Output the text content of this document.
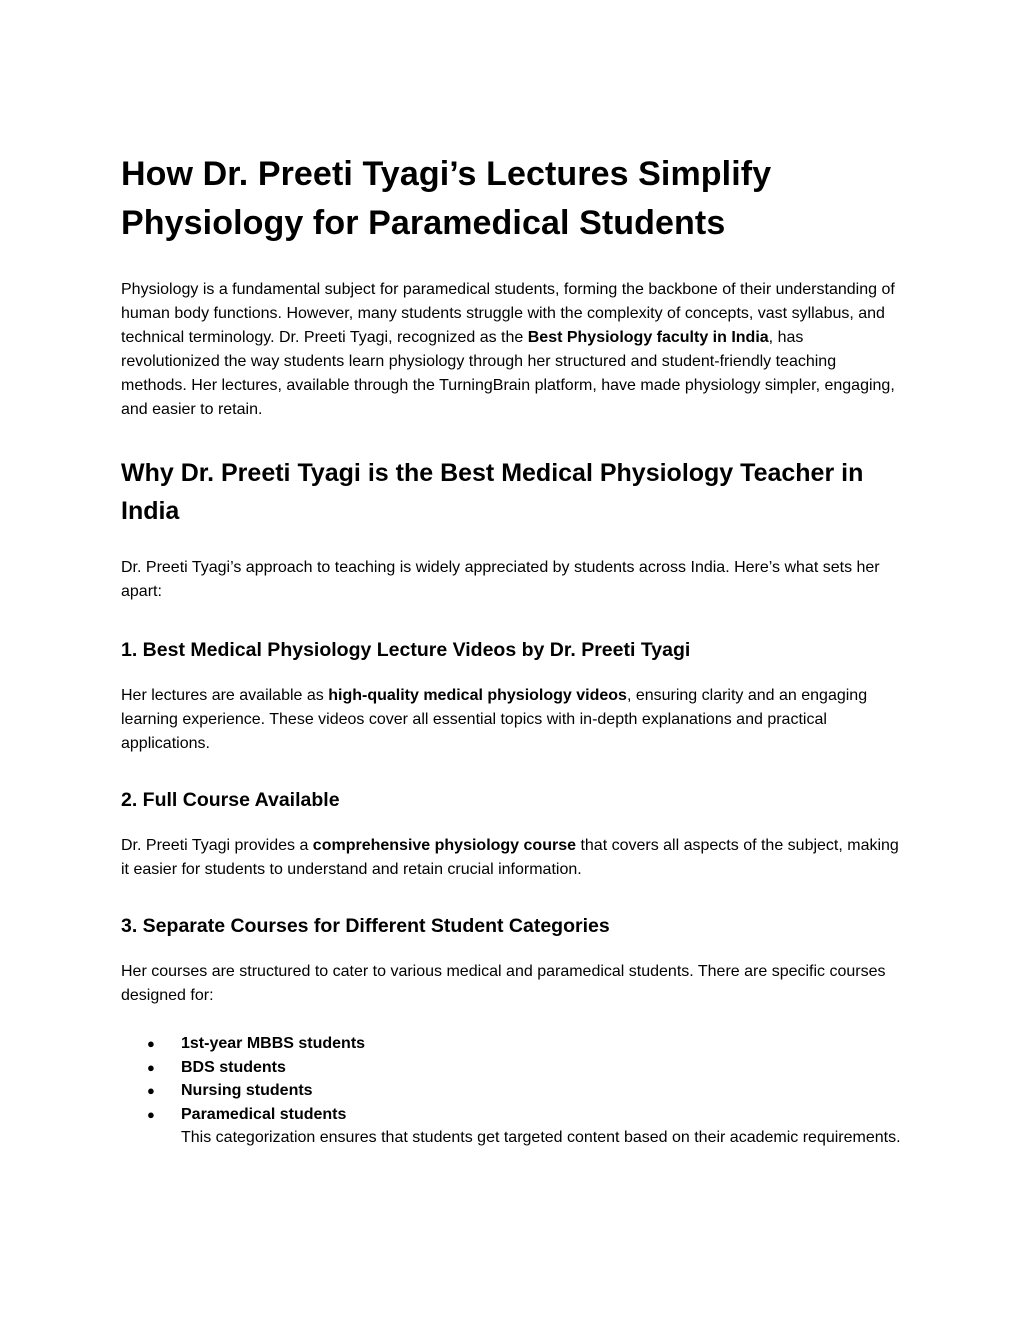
How Dr. Preeti Tyagi’s Lectures Simplify Physiology for Paramedical Students

Physiology is a fundamental subject for paramedical students, forming the backbone of their understanding of human body functions. However, many students struggle with the complexity of concepts, vast syllabus, and technical terminology. Dr. Preeti Tyagi, recognized as the Best Physiology faculty in India, has revolutionized the way students learn physiology through her structured and student-friendly teaching methods. Her lectures, available through the TurningBrain platform, have made physiology simpler, engaging, and easier to retain.

Why Dr. Preeti Tyagi is the Best Medical Physiology Teacher in India

Dr. Preeti Tyagi’s approach to teaching is widely appreciated by students across India. Here’s what sets her apart:

1. Best Medical Physiology Lecture Videos by Dr. Preeti Tyagi

Her lectures are available as high-quality medical physiology videos, ensuring clarity and an engaging learning experience. These videos cover all essential topics with in-depth explanations and practical applications.

2. Full Course Available

Dr. Preeti Tyagi provides a comprehensive physiology course that covers all aspects of the subject, making it easier for students to understand and retain crucial information.

3. Separate Courses for Different Student Categories

Her courses are structured to cater to various medical and paramedical students. There are specific courses designed for:

● 1st-year MBBS students
● BDS students
● Nursing students
● Paramedical students
This categorization ensures that students get targeted content based on their academic requirements.
